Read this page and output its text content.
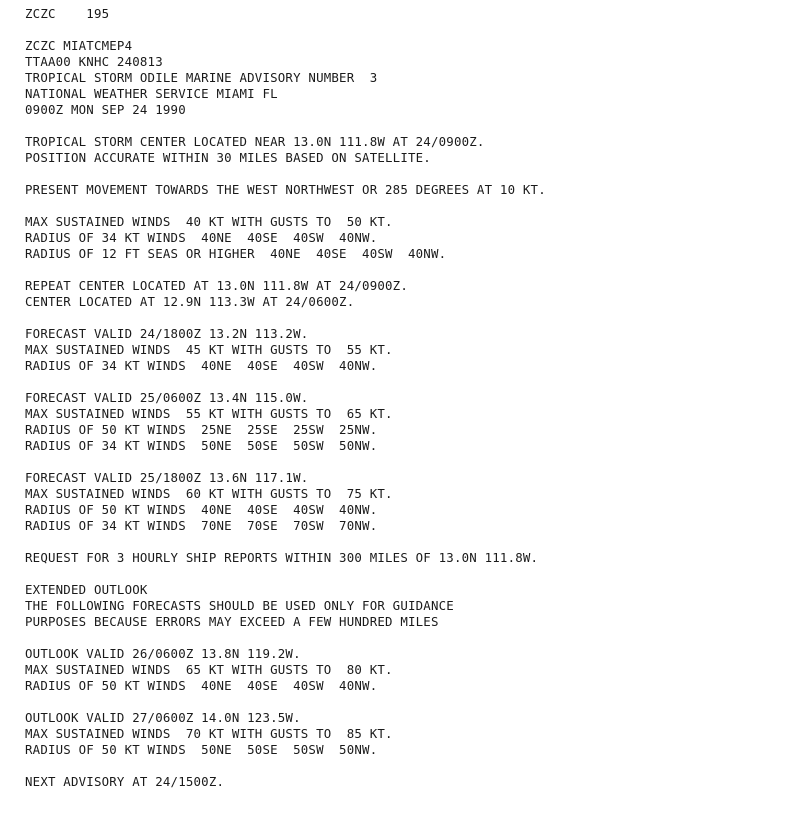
ZCZC    195
ZCZC MIATCMEP4
TTAA00 KNHC 240813
TROPICAL STORM ODILE MARINE ADVISORY NUMBER  3
NATIONAL WEATHER SERVICE MIAMI FL
0900Z MON SEP 24 1990
TROPICAL STORM CENTER LOCATED NEAR 13.0N 111.8W AT 24/0900Z.
POSITION ACCURATE WITHIN 30 MILES BASED ON SATELLITE.
PRESENT MOVEMENT TOWARDS THE WEST NORTHWEST OR 285 DEGREES AT 10 KT.
MAX SUSTAINED WINDS  40 KT WITH GUSTS TO  50 KT.
RADIUS OF 34 KT WINDS  40NE  40SE  40SW  40NW.
RADIUS OF 12 FT SEAS OR HIGHER  40NE  40SE  40SW  40NW.
REPEAT CENTER LOCATED AT 13.0N 111.8W AT 24/0900Z.
CENTER LOCATED AT 12.9N 113.3W AT 24/0600Z.
FORECAST VALID 24/1800Z 13.2N 113.2W.
MAX SUSTAINED WINDS  45 KT WITH GUSTS TO  55 KT.
RADIUS OF 34 KT WINDS  40NE  40SE  40SW  40NW.
FORECAST VALID 25/0600Z 13.4N 115.0W.
MAX SUSTAINED WINDS  55 KT WITH GUSTS TO  65 KT.
RADIUS OF 50 KT WINDS  25NE  25SE  25SW  25NW.
RADIUS OF 34 KT WINDS  50NE  50SE  50SW  50NW.
FORECAST VALID 25/1800Z 13.6N 117.1W.
MAX SUSTAINED WINDS  60 KT WITH GUSTS TO  75 KT.
RADIUS OF 50 KT WINDS  40NE  40SE  40SW  40NW.
RADIUS OF 34 KT WINDS  70NE  70SE  70SW  70NW.
REQUEST FOR 3 HOURLY SHIP REPORTS WITHIN 300 MILES OF 13.0N 111.8W.
EXTENDED OUTLOOK
THE FOLLOWING FORECASTS SHOULD BE USED ONLY FOR GUIDANCE
PURPOSES BECAUSE ERRORS MAY EXCEED A FEW HUNDRED MILES
OUTLOOK VALID 26/0600Z 13.8N 119.2W.
MAX SUSTAINED WINDS  65 KT WITH GUSTS TO  80 KT.
RADIUS OF 50 KT WINDS  40NE  40SE  40SW  40NW.
OUTLOOK VALID 27/0600Z 14.0N 123.5W.
MAX SUSTAINED WINDS  70 KT WITH GUSTS TO  85 KT.
RADIUS OF 50 KT WINDS  50NE  50SE  50SW  50NW.
NEXT ADVISORY AT 24/1500Z.
